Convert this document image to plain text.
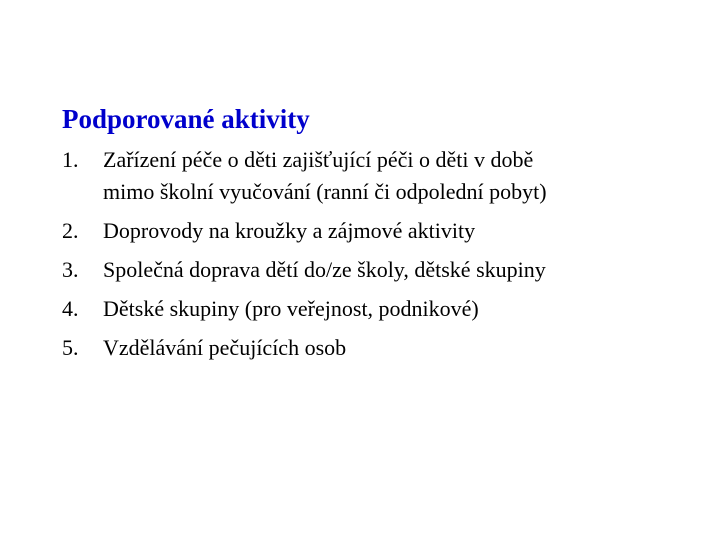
Podporované aktivity
1.	Zařízení péče o děti zajišťující péči o děti v době
mimo školní vyučování (ranní či odpolední pobyt)
2.	Doprovody na kroužky a zájmové aktivity
3.	Společná doprava dětí do/ze školy, dětské skupiny
4.	Dětské skupiny (pro veřejnost, podnikové)
5.	Vzdělávání pečujících osob
